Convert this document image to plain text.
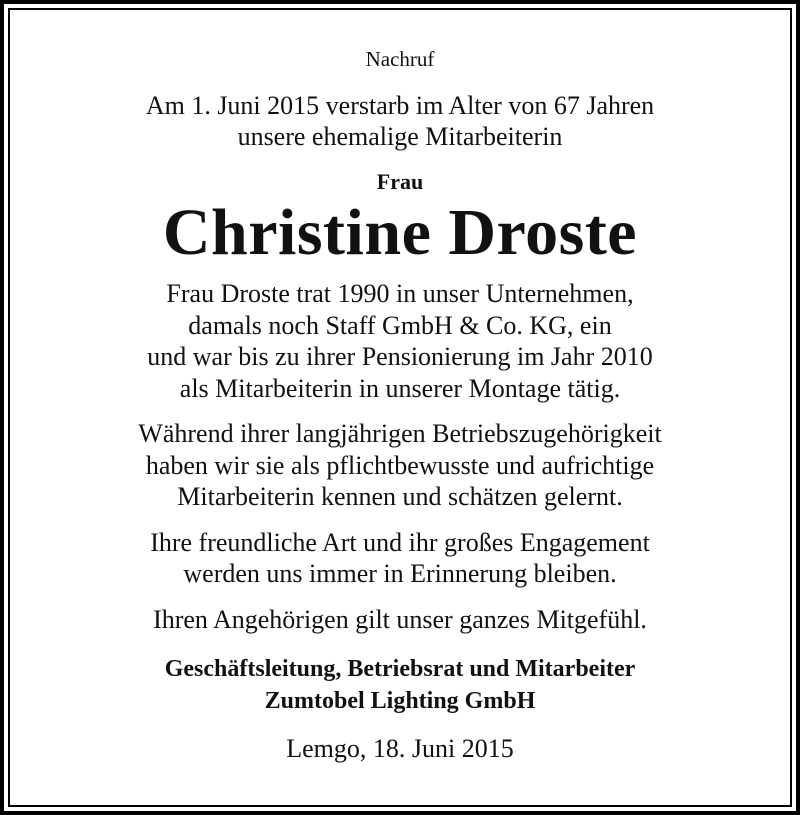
Nachruf

Am 1. Juni 2015 verstarb im Alter von 67 Jahren
unsere ehemalige Mitarbeiterin

Frau

Christine Droste

Frau Droste trat 1990 in unser Unternehmen,
damals noch Staff GmbH & Co. KG, ein
und war bis zu ihrer Pensionierung im Jahr 2010
als Mitarbeiterin in unserer Montage tätig.

Während ihrer langjährigen Betriebszugehörigkeit
haben wir sie als pflichtbewusste und aufrichtige
Mitarbeiterin kennen und schätzen gelernt.

Ihre freundliche Art und ihr großes Engagement
werden uns immer in Erinnerung bleiben.

Ihren Angehörigen gilt unser ganzes Mitgefühl.

Geschäftsleitung, Betriebsrat und Mitarbeiter
Zumtobel Lighting GmbH

Lemgo, 18. Juni 2015
